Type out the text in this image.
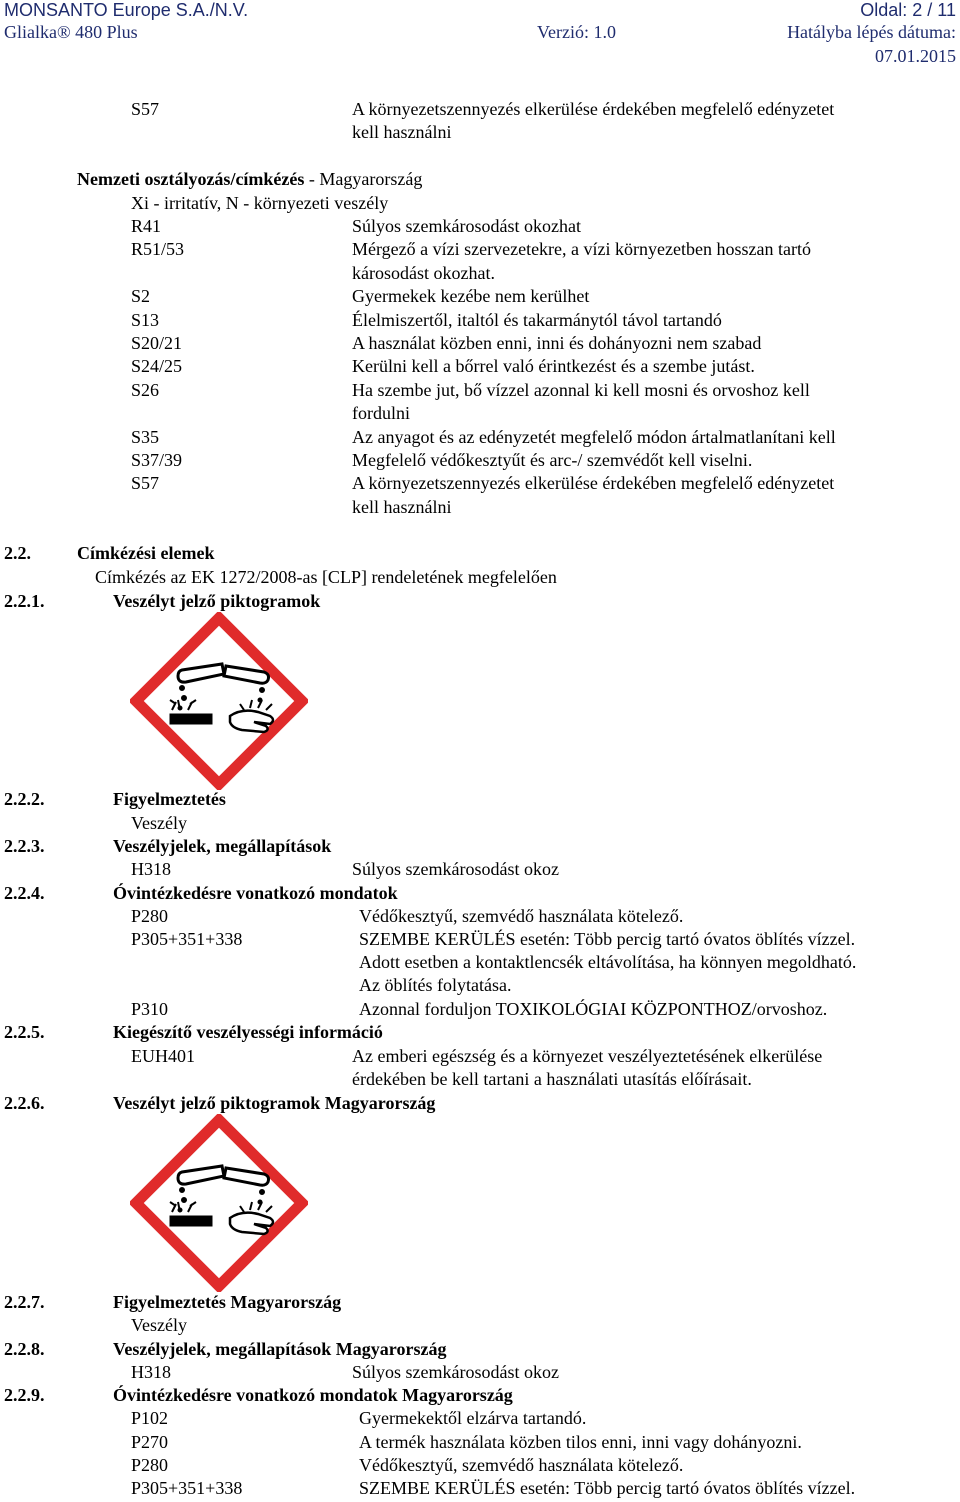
MONSANTO Europe S.A./N.V.	Oldal: 2 / 11
Glialka® 480 Plus	Verzió: 1.0	Hatályba lépés dátuma:
07.01.2015
S57	A környezetszennyezés elkerülése érdekében megfelelő edényzetet
kell használni
Nemzeti osztályozás/címkézés - Magyarország
Xi - irritatív, N - környezeti veszély
R41	Súlyos szemkárosodást okozhat
R51/53	Mérgező a vízi szervezetekre, a vízi környezetben hosszan tartó
károsodást okozhat.
S2	Gyermekek kezébe nem kerülhet
S13	Élelmiszertől, italtól és takarmánytól távol tartandó
S20/21	A használat közben enni, inni és dohányozni nem szabad
S24/25	Kerülni kell a bőrrel való érintkezést és a szembe jutást.
S26	Ha szembe jut, bő vízzel azonnal ki kell mosni és orvoshoz kell
fordulni
S35	Az anyagot és az edényzetét megfelelő módon ártalmatlanítani kell
S37/39	Megfelelő védőkesztyűt és arc-/ szemvédőt kell viselni.
S57	A környezetszennyezés elkerülése érdekében megfelelő edényzetet
kell használni
2.2.	Címkézési elemek
Címkézés az EK 1272/2008-as [CLP] rendeletének megfelelően
2.2.1.	Veszélyt jelző piktogramok
2.2.2.	Figyelmeztetés
Veszély
2.2.3.	Veszélyjelek, megállapítások
H318	Súlyos szemkárosodást okoz
2.2.4.	Óvintézkedésre vonatkozó mondatok
P280	Védőkesztyű, szemvédő használata kötelező.
P305+351+338	SZEMBE KERÜLÉS esetén: Több percig tartó óvatos öblítés vízzel.
Adott esetben a kontaktlencsék eltávolítása, ha könnyen megoldható.
Az öblítés folytatása.
P310	Azonnal forduljon TOXIKOLÓGIAI KÖZPONTHOZ/orvoshoz.
2.2.5.	Kiegészítő veszélyességi információ
EUH401	Az emberi egészség és a környezet veszélyeztetésének elkerülése
érdekében be kell tartani a használati utasítás előírásait.
2.2.6.	Veszélyt jelző piktogramok Magyarország
2.2.7.	Figyelmeztetés Magyarország
Veszély
2.2.8.	Veszélyjelek, megállapítások Magyarország
H318	Súlyos szemkárosodást okoz
2.2.9.	Óvintézkedésre vonatkozó mondatok Magyarország
P102	Gyermekektől elzárva tartandó.
P270	A termék használata közben tilos enni, inni vagy dohányozni.
P280	Védőkesztyű, szemvédő használata kötelező.
P305+351+338	SZEMBE KERÜLÉS esetén: Több percig tartó óvatos öblítés vízzel.
